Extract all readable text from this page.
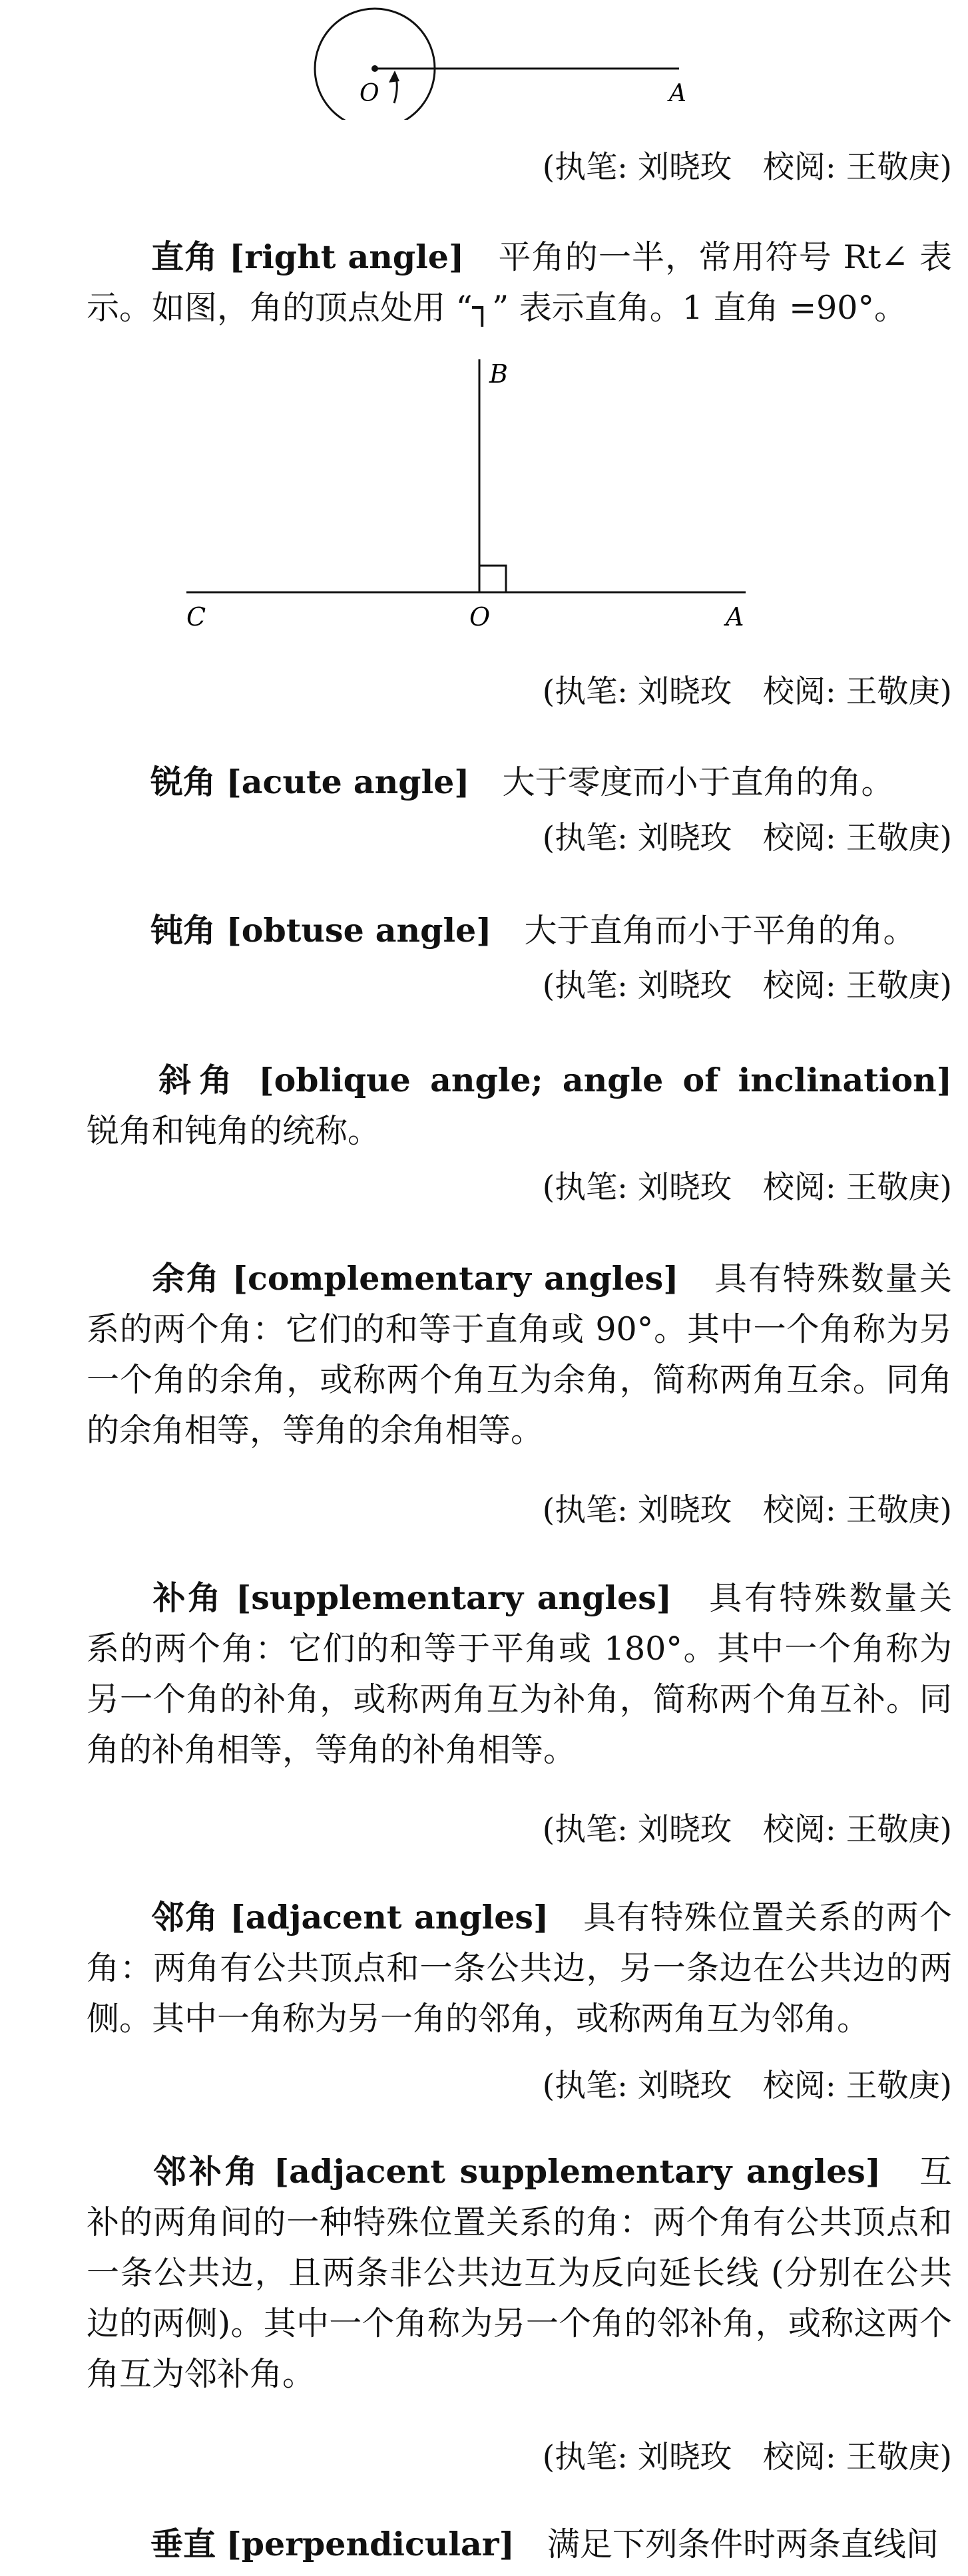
O	A
(执笔: 刘晓玫　校阅: 王敬庚)
直角 [right angle]　 平角的一半，常用符号 Rt∠ 表示。如图，角的顶点处用 “┐” 表示直角。1 直角 =90°。
B
C	O	A
(执笔: 刘晓玫　校阅: 王敬庚)
锐角 [acute angle]　 大于零度而小于直角的角。
(执笔: 刘晓玫　校阅: 王敬庚)
钝角 [obtuse angle]　 大于直角而小于平角的角。
(执笔: 刘晓玫　校阅: 王敬庚)
斜角 [oblique angle; angle of inclination]　锐角和钝角的统称。
(执笔: 刘晓玫　校阅: 王敬庚)
余角 [complementary angles]　 具有特殊数量关系的两个角：它们的和等于直角或 90°。其中一个角称为另一个角的余角，或称两个角互为余角，简称两角互余。同角的余角相等，等角的余角相等。
(执笔: 刘晓玫　校阅: 王敬庚)
补角 [supplementary angles]　 具有特殊数量关系的两个角：它们的和等于平角或 180°。其中一个角称为另一个角的补角，或称两角互为补角，简称两个角互补。同角的补角相等，等角的补角相等。
(执笔: 刘晓玫　校阅: 王敬庚)
邻角 [adjacent angles]　 具有特殊位置关系的两个角：两角有公共顶点和一条公共边，另一条边在公共边的两侧。其中一角称为另一角的邻角，或称两角互为邻角。
(执笔: 刘晓玫　校阅: 王敬庚)
邻补角 [adjacent supplementary angles]　 互补的两角间的一种特殊位置关系的角：两个角有公共顶点和一条公共边，且两条非公共边互为反向延长线 (分别在公共边的两侧)。其中一个角称为另一个角的邻补角，或称这两个角互为邻补角。
(执笔: 刘晓玫　校阅: 王敬庚)
垂直 [perpendicular]　 满足下列条件时两条直线间
